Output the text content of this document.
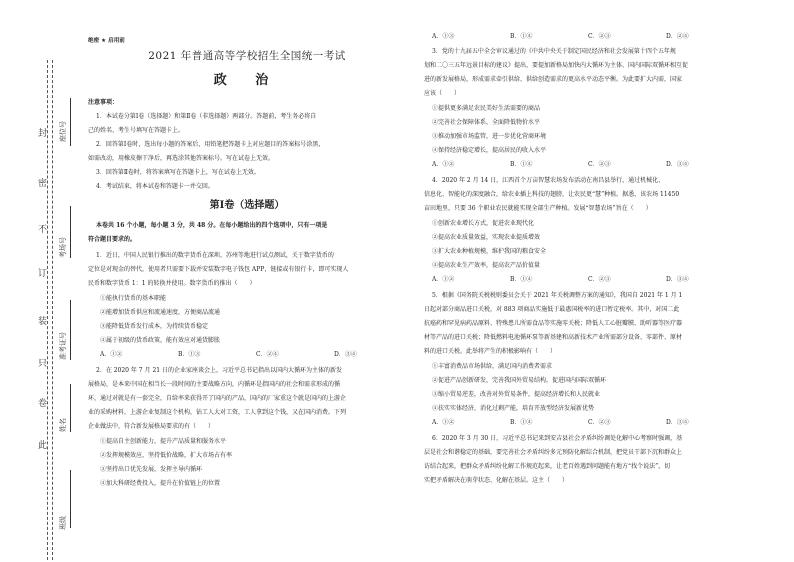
封
密
不
订
装
只
卷
此
座位号
考场号
准考证号
姓名
班级
绝密 ★ 启用前
2021 年普通高等学校招生全国统一考试
政 治
注意事项：
1．本试卷分第Ⅰ卷（选择题）和第Ⅱ卷（非选择题）两部分。答题前，考生务必将自
己的姓名、考生号填写在答题卡上。
2．回答第Ⅰ卷时，选出每小题的答案后，用铅笔把答题卡上对应题目的答案标号涂黑，
如需改动，用橡皮擦干净后，再选涂其他答案标号。写在试卷上无效。
3．回答第Ⅱ卷时，将答案填写在答题卡上，写在试卷上无效。
4．考试结束，将本试卷和答题卡一并交回。
第Ⅰ卷（选择题）
本卷共 16 个小题，每小题 3 分，共 48 分。在每小题给出的四个选项中，只有一项是
符合题目要求的。
1．近日，中国人民银行推出的数字货币在深圳、苏州等地进行试点测试，关于数字货币的
定位是对现金的替代，使用者只需要下载并安装数字电子钱包 APP，链接或有银行卡，即可实现人
民币和数字货币 1：1 的转换并使用。数字货币的推出（　　）
①能执行货币的基本职能
②能增加货币供应和流通速度，方便商品流通
③能降低货币发行成本，为持续货币稳定
④属于初级的货币政策，能有效应对通货膨胀
A．①②	B．①③	C．②④	D．③④
2．在 2020 年 7 月 21 日的企业家座谈会上，习近平总书记指出以国内大循环为主体的新发
展格局，是本来中国在相当长一段时间的主要战略方向，内循环是指国内的社会和需求形成的循
环，通过对就是有一套完全，自给率来获得开了国内的产品，国内的厂家重这个就是国内的上游企
业的采购材料，上游企业复制这个机构，钻工人大对工资，工人拿到这个钱，又在国内消费。下列
企业做法中，符合新发展格局要求的有（　　）
①提高自主创新能力，提升产品质量和服务水平
②发挥规模效应，坚持低价战略，扩大市场占有率
③坚持出口优先发展，发挥主导内循环
④加大科研经费投入，提升在价值链上的位置
A．①③	B．①④	C．②③	D．②④
3．党的十九届五中全会审议通过的《中共中央关于制定国民经济和社会发展第十四个五年规
划和二〇三五年远景目标的建议》提出，要提加新格局加快内大循环为主体、国内国际双循环相互促
进的新发展格局，形成需求牵引供给、供给创造需求的更高水平动态平衡。为此要扩大内需，国家
应该（　　）
①提供更多满足农民美好生活需要的商品
②完善社会保障体系，全面降低物价水平
③推动加强市场监管，进一步优化营商环境
④保持经济稳定增长，提高居民的收入水平
A．①②	B．①④	C．②③	D．③④
4．2020 年 2 月 14 日，江西首个万亩智慧农场发布活动在南昌县举行，通过机械化、
信息化、智能化的深度融合，给农业插上科技的翅膀，让农民更“慧”种植。据悉，该农场 11450
亩田地里，只要 36 个职业农民就能实现全部生产种植。发展“智慧农场”旨在（　　）
①创新农业增长方式，促进农业现代化
②提高农业质量效益，实现农业提质增效
③扩大农业种植规模，维护我国的粮食安全
④提高农业生产效率，提高农产品价值量
A．①②	B．①④	C．②③	D．③④
5．根据《国务院关税税则委员会关于 2021 年关税调整方案的通知》，我国自 2021 年 1 月 1
日起对部分商品进口关税，对 883 项商品实施低于最惠国税率的进口暂定税率。其中，对国二此
抗癌药和罕见病药品原料、特殊患儿所需食品等实施零关税；降低人工心脏瓣膜、助听器等医疗器
材等产品的进口关税；降低燃料电池循环泵等新基建和高新技术产业所需部分设备、零部件、原材
料的进口关税。此举将产生的积极影响有（　　）
①丰富消费品市场供给，满足国内消费者需求
②促进产品创新研发，完善我国外贸易结构，促进国内国际双循环
③缩小贸易逆差，改善对外贸易条件，提高经济增长和人民就业
④扶实实体经济，消化过剩产能，培育开放型经济发展新优势
A．①②	B．①④	C．②③	D．③④
6．2020 年 3 月 30 日，习近平总书记来到安吉县社会矛盾纠纷调处化解中心考察时强调，基
层是社会和谐稳定的基础，要完善社会矛盾纠纷多元预防化解综合机制，把党员干部下沉和群众上
访结合起来，把群众矛盾纠纷化解工作规范起来，让老百姓遇到问题能有地方“找个说法”，切
实把矛盾解决在萌芽状态、化解在基层。这主（　　）
